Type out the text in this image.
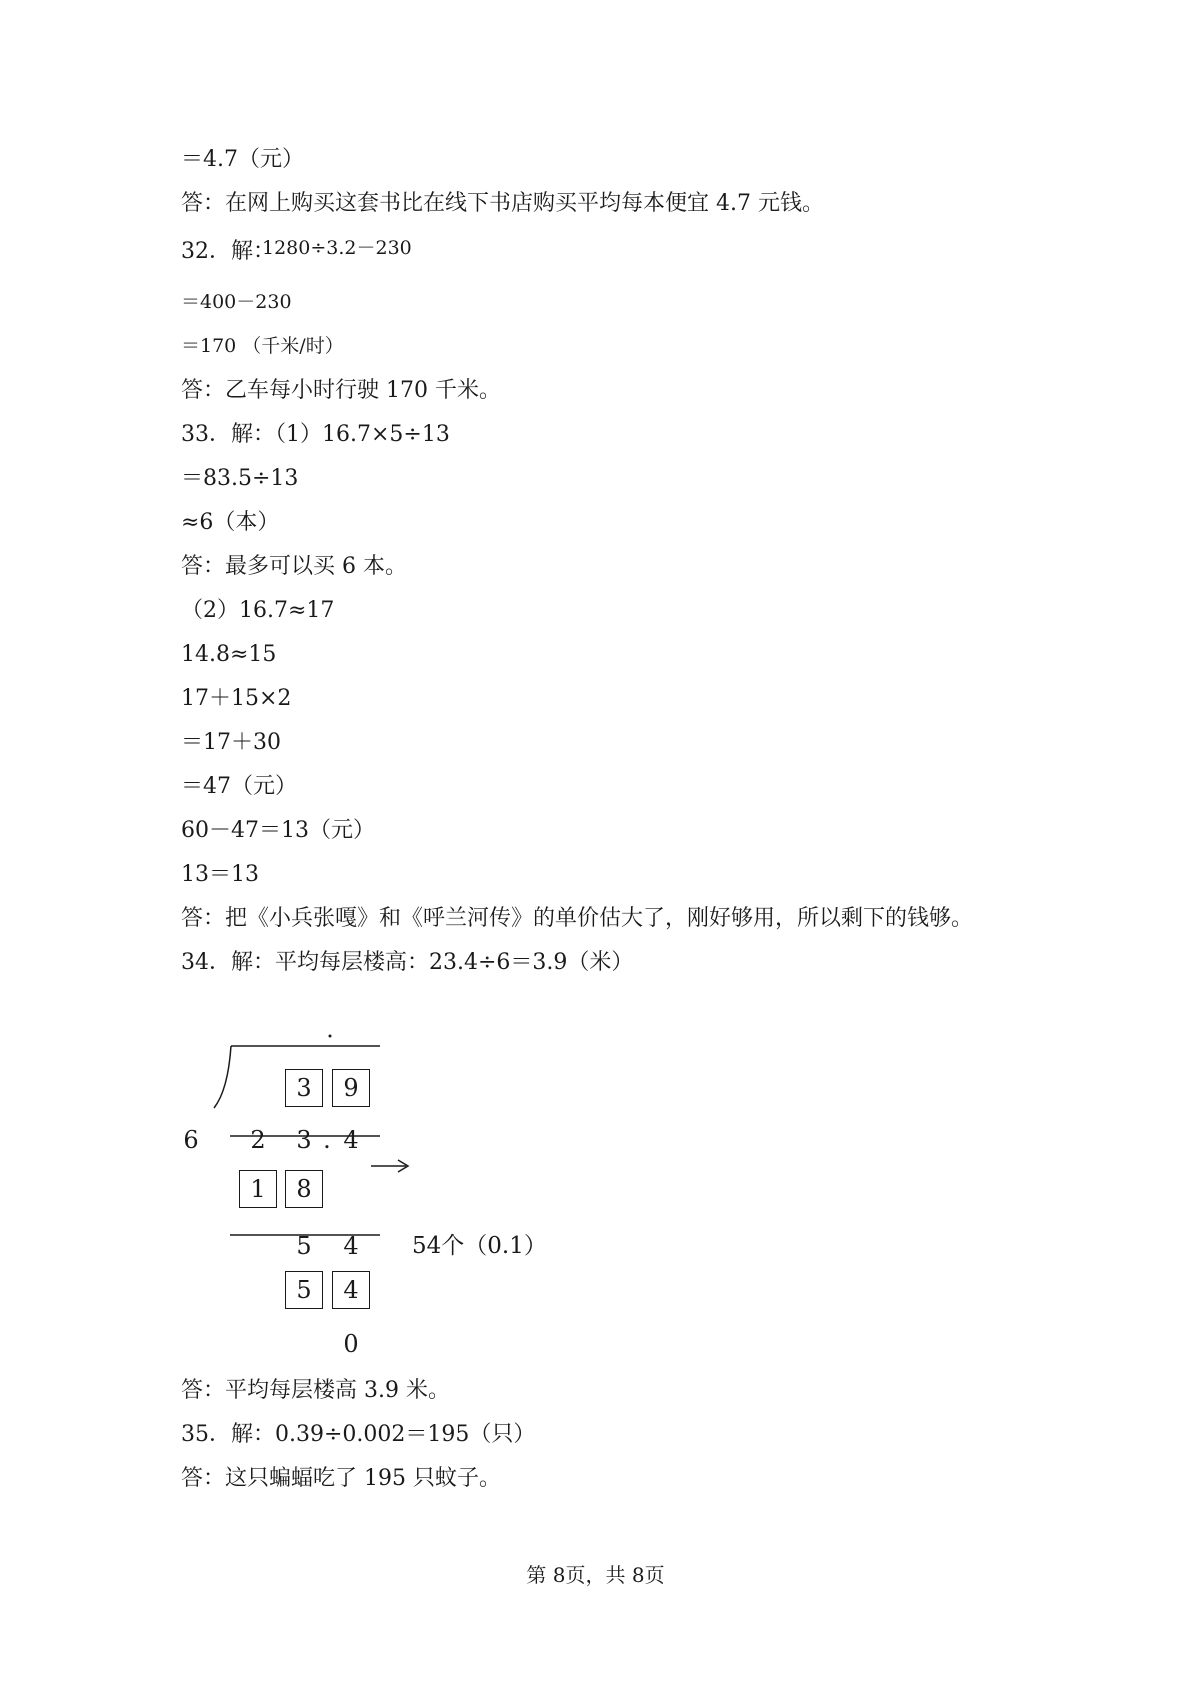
＝4.7（元）
答：在网上购买这套书比在线下书店购买平均每本便宜 4.7 元钱。
32．解：
1280÷3.2－230
＝400－230
＝170 （千米/时）
答：乙车每小时行驶 170 千米。
33．解：（1）16.7×5÷13
＝83.5÷13
≈6（本）
答：最多可以买 6 本。
（2）16.7≈17
14.8≈15
17＋15×2
＝17＋30
＝47（元）
60－47＝13（元）
13＝13
答：把《小兵张嘎》和《呼兰河传》的单价估大了，刚好够用，所以剩下的钱够。
34．解：平均每层楼高：23.4÷6＝3.9（米）
3	9
6 2 3 . 4
1	8
5 4 54个（0.1）
5	4
0
答：平均每层楼高 3.9 米。
35．解：0.39÷0.002＝195（只）
答：这只蝙蝠吃了 195 只蚊子。
第 8页，共 8页
